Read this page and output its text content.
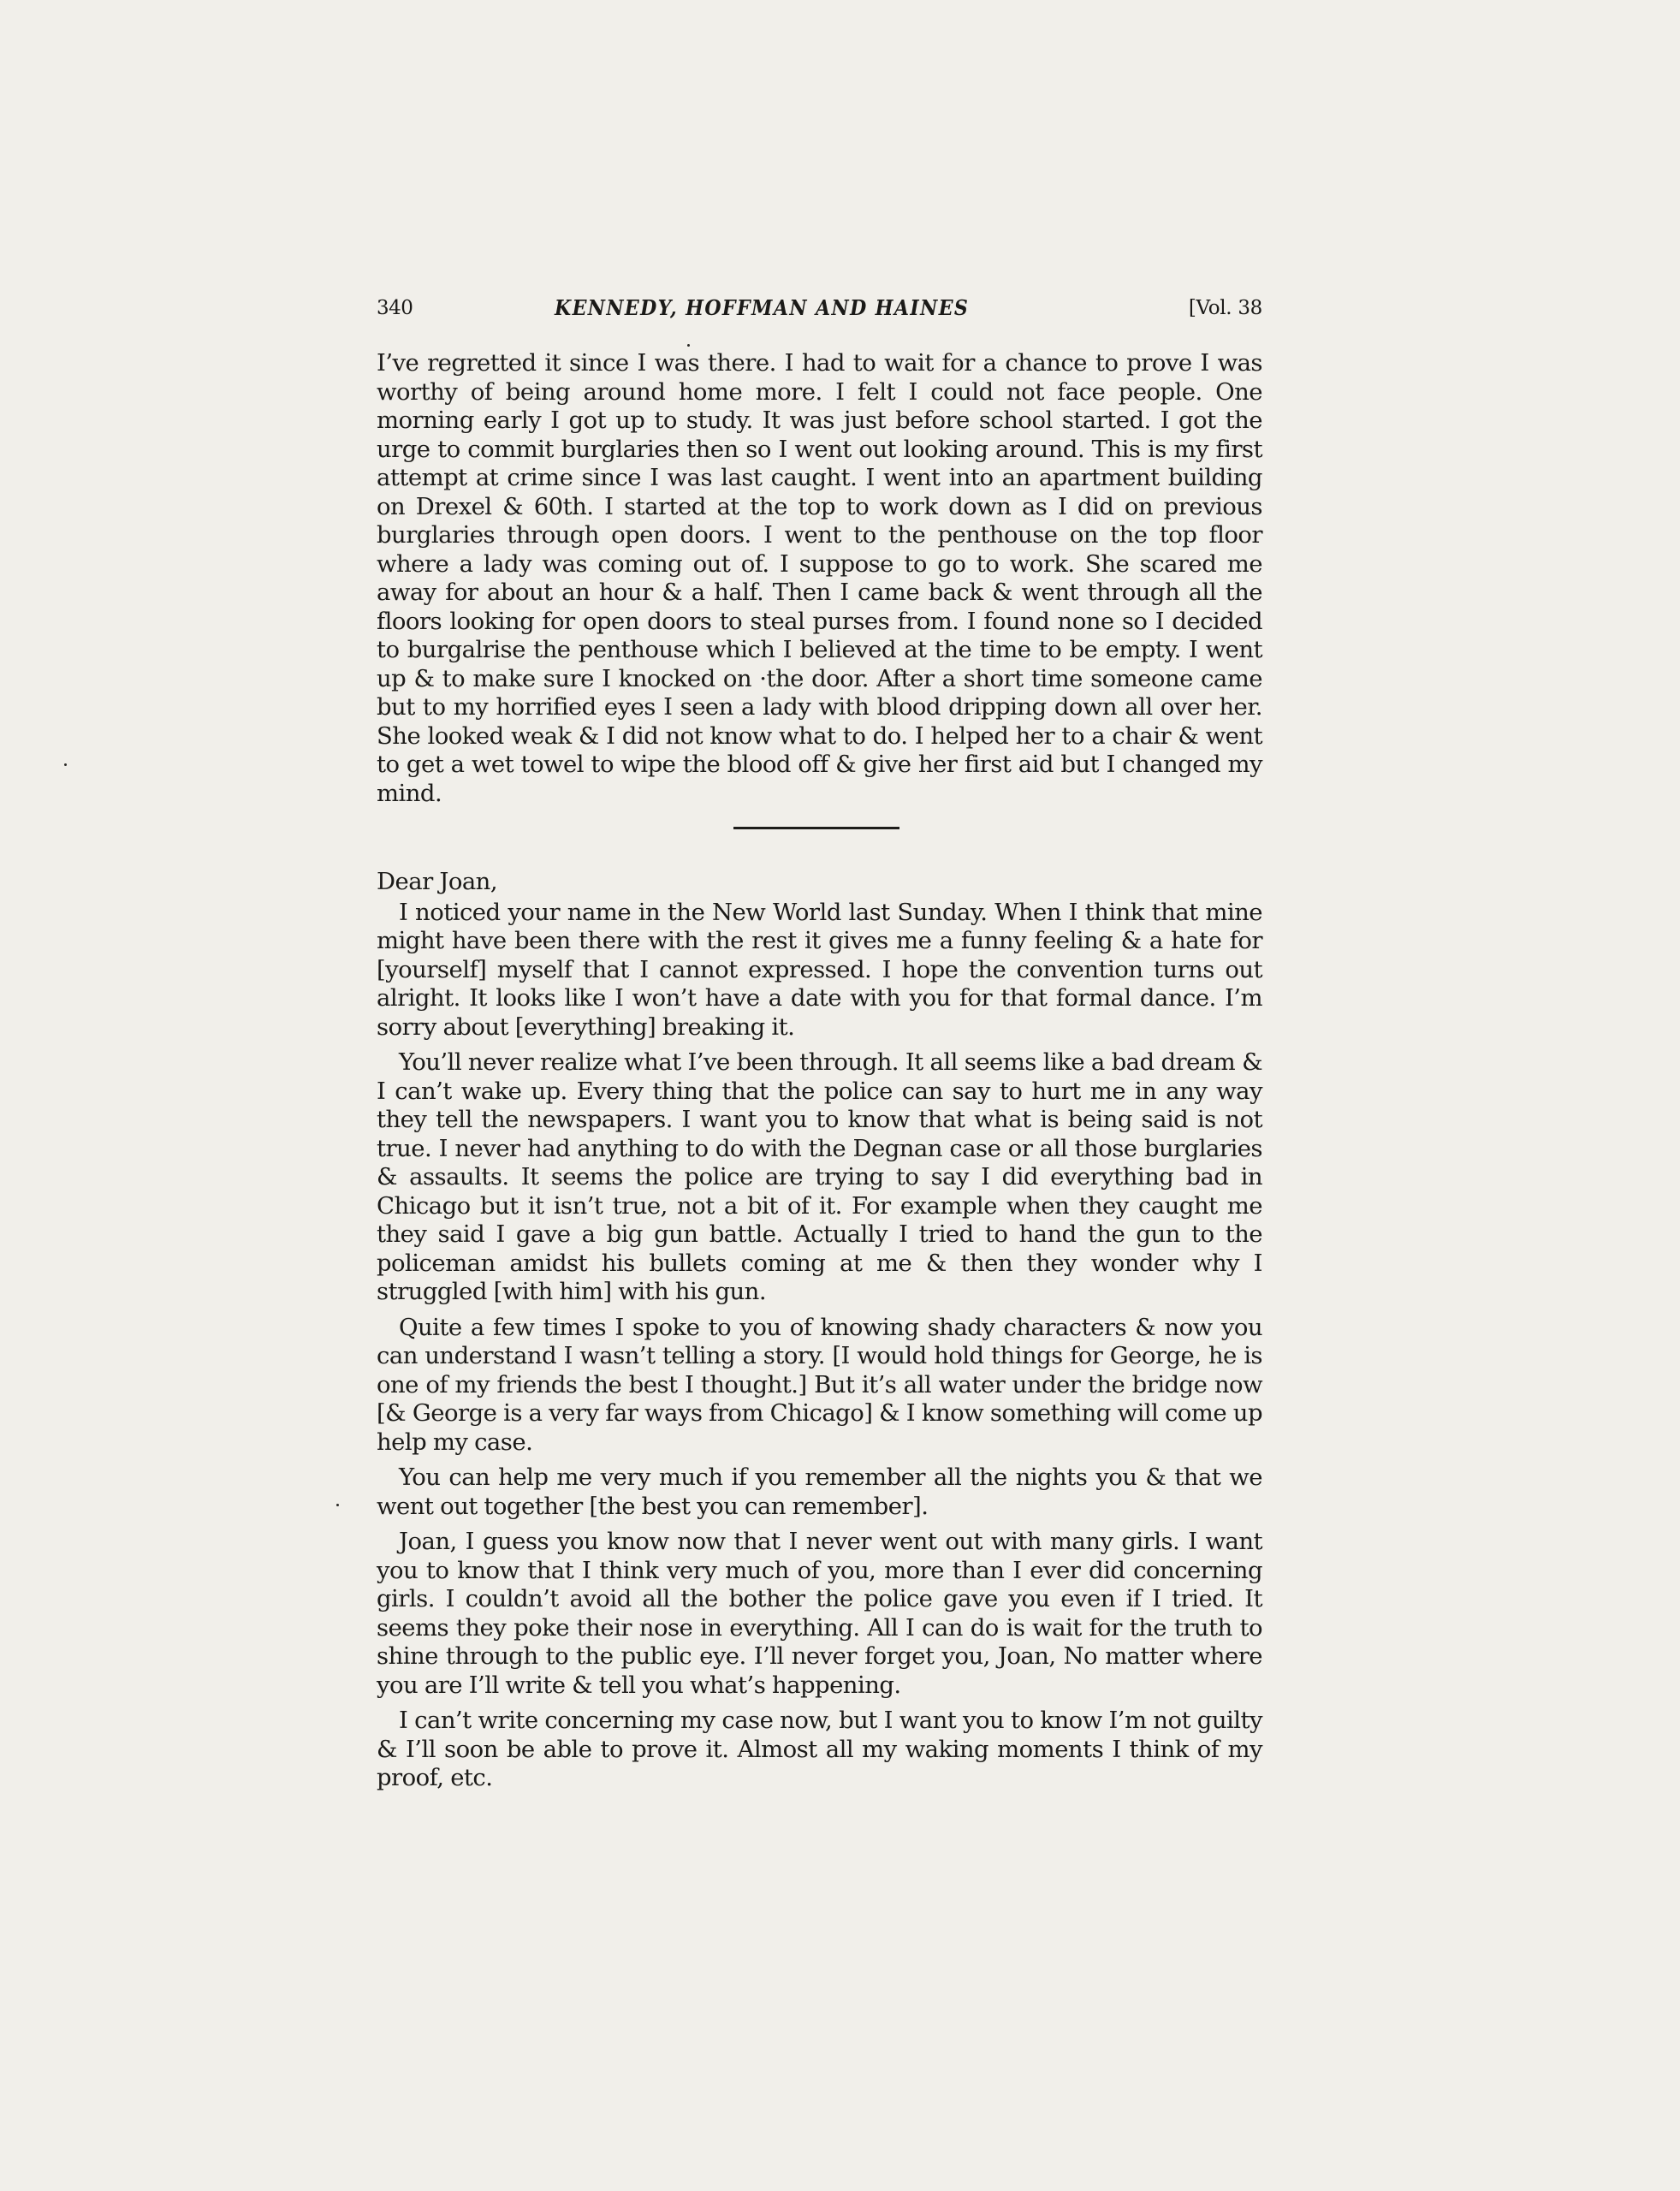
340	KENNEDY, HOFFMAN AND HAINES	[Vol. 38

I’ve regretted it since I was there. I had to wait for a chance to prove I was worthy of being around home more. I felt I could not face people. One morning early I got up to study. It was just before school started. I got the urge to commit burglaries then so I went out looking around. This is my first attempt at crime since I was last caught. I went into an apartment building on Drexel & 60th. I started at the top to work down as I did on previous burglaries through open doors. I went to the penthouse on the top floor where a lady was coming out of. I suppose to go to work. She scared me away for about an hour & a half. Then I came back & went through all the floors looking for open doors to steal purses from. I found none so I decided to burgalrise the penthouse which I believed at the time to be empty. I went up & to make sure I knocked on ·the door. After a short time someone came but to my horrified eyes I seen a lady with blood dripping down all over her. She looked weak & I did not know what to do. I helped her to a chair & went to get a wet towel to wipe the blood off & give her first aid but I changed my mind.

Dear Joan,

I noticed your name in the New World last Sunday. When I think that mine might have been there with the rest it gives me a funny feeling & a hate for [yourself] myself that I cannot expressed. I hope the convention turns out alright. It looks like I won’t have a date with you for that formal dance. I’m sorry about [everything] breaking it.

You’ll never realize what I’ve been through. It all seems like a bad dream & I can’t wake up. Every thing that the police can say to hurt me in any way they tell the newspapers. I want you to know that what is being said is not true. I never had anything to do with the Degnan case or all those burglaries & assaults. It seems the police are trying to say I did everything bad in Chicago but it isn’t true, not a bit of it. For example when they caught me they said I gave a big gun battle. Actually I tried to hand the gun to the policeman amidst his bullets coming at me & then they wonder why I struggled [with him] with his gun.

Quite a few times I spoke to you of knowing shady characters & now you can understand I wasn’t telling a story. [I would hold things for George, he is one of my friends the best I thought.] But it’s all water under the bridge now [& George is a very far ways from Chicago] & I know something will come up help my case.

You can help me very much if you remember all the nights you & that we went out together [the best you can remember].

Joan, I guess you know now that I never went out with many girls. I want you to know that I think very much of you, more than I ever did concerning girls. I couldn’t avoid all the bother the police gave you even if I tried. It seems they poke their nose in everything. All I can do is wait for the truth to shine through to the public eye. I’ll never forget you, Joan, No matter where you are I’ll write & tell you what’s happening.

I can’t write concerning my case now, but I want you to know I’m not guilty & I’ll soon be able to prove it. Almost all my waking moments I think of my proof, etc.
